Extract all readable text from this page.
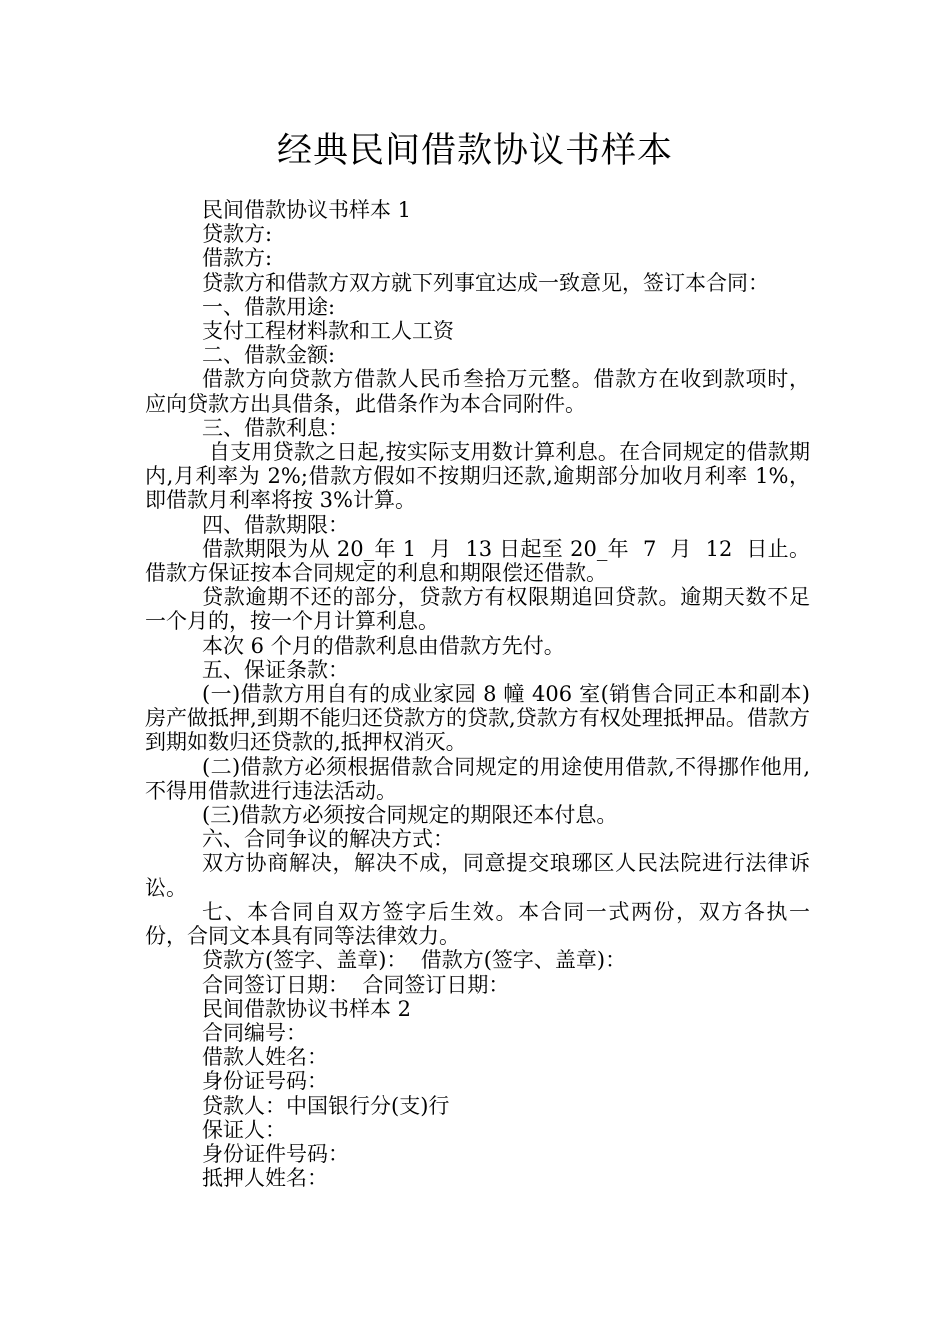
经典民间借款协议书样本

民间借款协议书样本 1

贷款方:

借款方:

贷款方和借款方双方就下列事宜达成一致意见，签订本合同：

一、借款用途:

支付工程材料款和工人工资

二、借款金额:

借款方向贷款方借款人民币叁拾万元整。借款方在收到款项时，应向贷款方出具借条，此借条作为本合同附件。

三、借款利息：

自支用贷款之日起,按实际支用数计算利息。在合同规定的借款期内,月利率为 2%;借款方假如不按期归还款,逾期部分加收月利率 1%，即借款月利率将按 3%计算。

四、借款期限：

借款期限为从 20_年 1  月  13 日起至 20_年  7  月  12  日止。借款方保证按本合同规定的利息和期限偿还借款。

贷款逾期不还的部分，贷款方有权限期追回贷款。逾期天数不足一个月的，按一个月计算利息。

本次 6 个月的借款利息由借款方先付。

五、保证条款：

(一)借款方用自有的成业家园 8 幢 406 室(销售合同正本和副本)房产做抵押,到期不能归还贷款方的贷款,贷款方有权处理抵押品。借款方到期如数归还贷款的,抵押权消灭。

(二)借款方必须根据借款合同规定的用途使用借款,不得挪作他用,不得用借款进行违法活动。

(三)借款方必须按合同规定的期限还本付息。

六、合同争议的解决方式：

双方协商解决，解决不成，同意提交琅琊区人民法院进行法律诉讼。

七、本合同自双方签字后生效。本合同一式两份，双方各执一份，合同文本具有同等法律效力。

贷款方(签字、盖章)：  借款方(签字、盖章)：

合同签订日期：  合同签订日期：

民间借款协议书样本 2

合同编号：

借款人姓名：

身份证号码：

贷款人：中国银行分(支)行

保证人：

身份证件号码：

抵押人姓名：
